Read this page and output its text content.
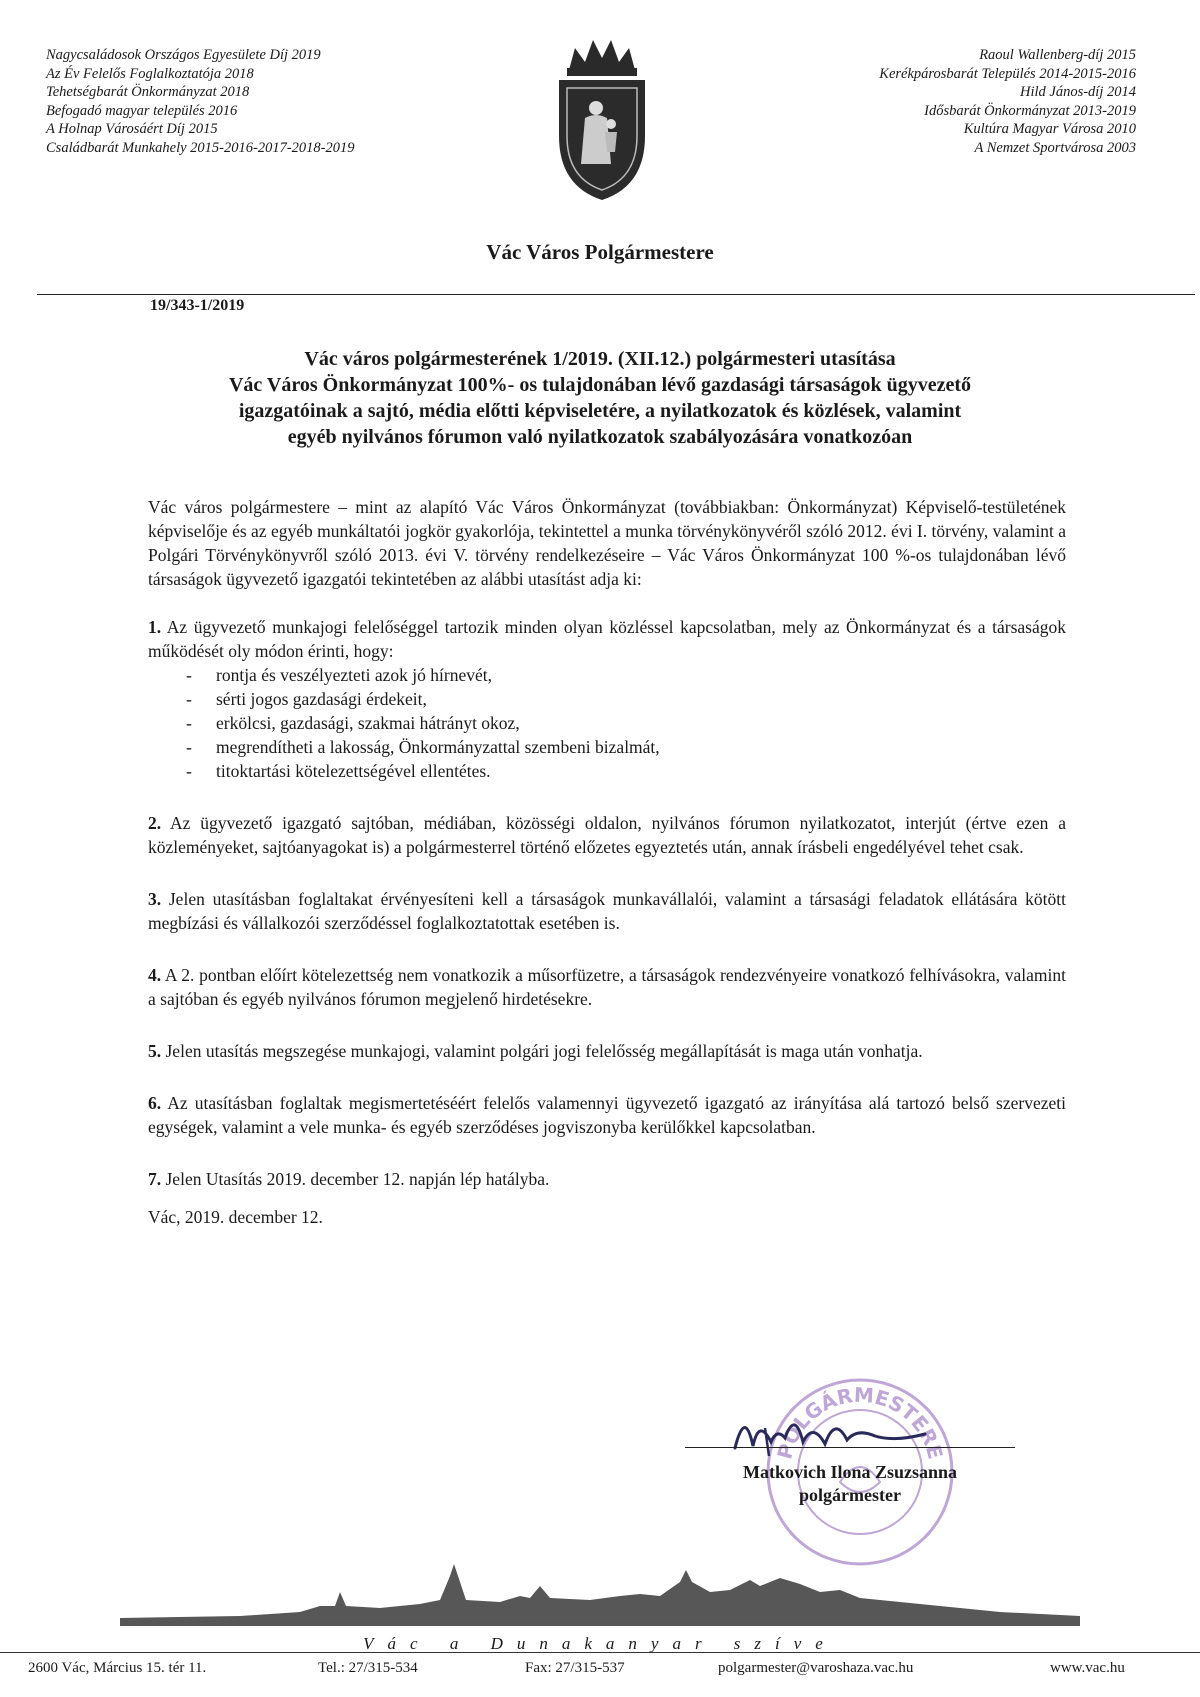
Nagycsaládosok Országos Egyesülete Díj 2019
Az Év Felelős Foglalkoztatója 2018
Tehetségbarát Önkormányzat 2018
Befogadó magyar település 2016
A Holnap Városáért Díj 2015
Családbarát Munkahely 2015-2016-2017-2018-2019
Raoul Wallenberg-díj 2015
Kerékpárosbarát Település 2014-2015-2016
Hild János-díj 2014
Idősbarát Önkormányzat 2013-2019
Kultúra Magyar Városa 2010
A Nemzet Sportvárosa 2003
Vác Város Polgármestere
19/343-1/2019
Vác város polgármesterének 1/2019. (XII.12.) polgármesteri utasítása
Vác Város Önkormányzat 100%- os tulajdonában lévő gazdasági társaságok ügyvezető
igazgatóinak a sajtó, média előtti képviseletére, a nyilatkozatok és közlések, valamint
egyéb nyilvános fórumon való nyilatkozatok szabályozására vonatkozóan

Vác város polgármestere – mint az alapító Vác Város Önkormányzat (továbbiakban: Önkormányzat) Képviselő-testületének képviselője és az egyéb munkáltatói jogkör gyakorlója, tekintettel a munka törvénykönyvéről szóló 2012. évi I. törvény, valamint a Polgári Törvénykönyvről szóló 2013. évi V. törvény rendelkezéseire – Vác Város Önkormányzat 100 %-os tulajdonában lévő társaságok ügyvezető igazgatói tekintetében az alábbi utasítást adja ki:

1. Az ügyvezető munkajogi felelőséggel tartozik minden olyan közléssel kapcsolatban, mely az Önkormányzat és a társaságok működését oly módon érinti, hogy:

- rontja és veszélyezteti azok jó hírnevét,
- sérti jogos gazdasági érdekeit,
- erkölcsi, gazdasági, szakmai hátrányt okoz,
- megrendítheti a lakosság, Önkormányzattal szembeni bizalmát,
- titoktartási kötelezettségével ellentétes.

2. Az ügyvezető igazgató sajtóban, médiában, közösségi oldalon, nyilvános fórumon nyilatkozatot, interjút (értve ezen a közleményeket, sajtóanyagokat is) a polgármesterrel történő előzetes egyeztetés után, annak írásbeli engedélyével tehet csak.

3. Jelen utasításban foglaltakat érvényesíteni kell a társaságok munkavállalói, valamint a társasági feladatok ellátására kötött megbízási és vállalkozói szerződéssel foglalkoztatottak esetében is.

4. A 2. pontban előírt kötelezettség nem vonatkozik a műsorfüzetre, a társaságok rendezvényeire vonatkozó felhívásokra, valamint a sajtóban és egyéb nyilvános fórumon megjelenő hirdetésekre.

5. Jelen utasítás megszegése munkajogi, valamint polgári jogi felelősség megállapítását is maga után vonhatja.

6. Az utasításban foglaltak megismertetéséért felelős valamennyi ügyvezető igazgató az irányítása alá tartozó belső szervezeti egységek, valamint a vele munka- és egyéb szerződéses jogviszonyba kerülőkkel kapcsolatban.

7. Jelen Utasítás 2019. december 12. napján lép hatályba.

Vác, 2019. december 12.

POLGÁRMESTERE
Matkovich Ilona Zsuzsanna
polgármester
Vác a Dunakanyar szíve
2600 Vác, Március 15. tér 11.	Tel.: 27/315-534	Fax: 27/315-537	polgarmester@varoshaza.vac.hu	www.vac.hu
